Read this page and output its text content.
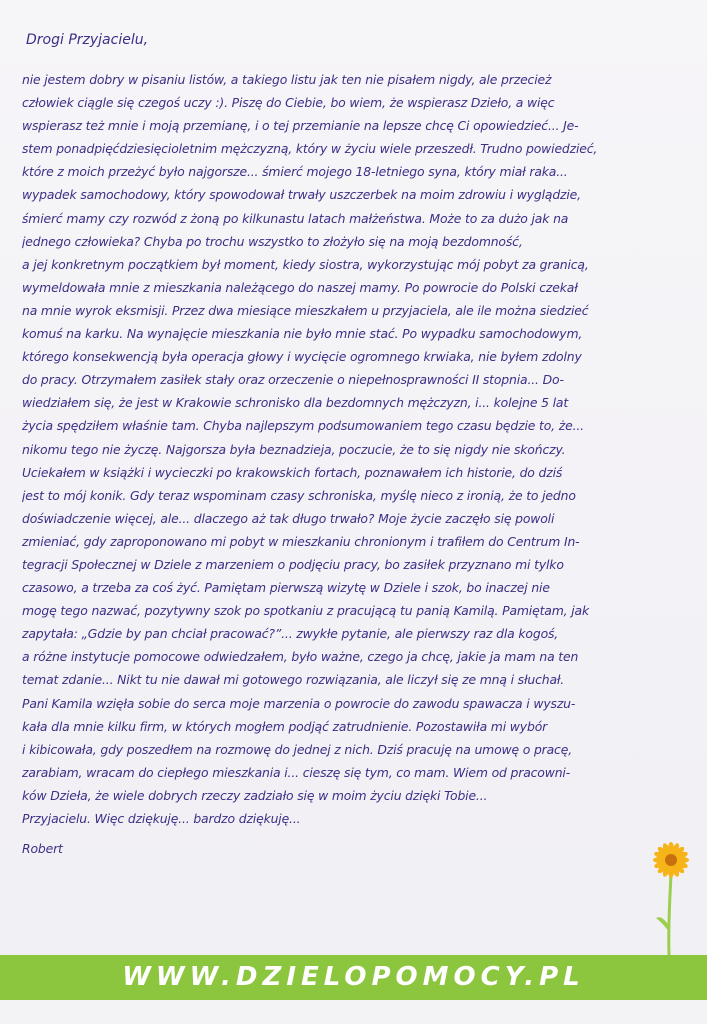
Drogi Przyjacielu,
nie jestem dobry w pisaniu listów, a takiego listu jak ten nie pisałem nigdy, ale przecież
człowiek ciągle się czegoś uczy :). Piszę do Ciebie, bo wiem, że wspierasz Dzieło, a więc
wspierasz też mnie i moją przemianę, i o tej przemianie na lepsze chcę Ci opowiedzieć... Je-
stem ponadpięćdziesięcioletnim mężczyzną, który w życiu wiele przeszedł. Trudno powiedzieć,
które z moich przeżyć było najgorsze... śmierć mojego 18-letniego syna, który miał raka...
wypadek samochodowy, który spowodował trwały uszczerbek na moim zdrowiu i wyglądzie,
śmierć mamy czy rozwód z żoną po kilkunastu latach małżeństwa. Może to za dużo jak na
jednego człowieka? Chyba po trochu wszystko to złożyło się na moją bezdomność,
a jej konkretnym początkiem był moment, kiedy siostra, wykorzystując mój pobyt za granicą,
wymeldowała mnie z mieszkania należącego do naszej mamy. Po powrocie do Polski czekał
na mnie wyrok eksmisji. Przez dwa miesiące mieszkałem u przyjaciela, ale ile można siedzieć
komuś na karku. Na wynajęcie mieszkania nie było mnie stać. Po wypadku samochodowym,
którego konsekwencją była operacja głowy i wycięcie ogromnego krwiaka, nie byłem zdolny
do pracy. Otrzymałem zasiłek stały oraz orzeczenie o niepełnosprawności II stopnia... Do-
wiedziałem się, że jest w Krakowie schronisko dla bezdomnych mężczyzn, i... kolejne 5 lat
życia spędziłem właśnie tam. Chyba najlepszym podsumowaniem tego czasu będzie to, że...
nikomu tego nie życzę. Najgorsza była beznadzieja, poczucie, że to się nigdy nie skończy.
Uciekałem w książki i wycieczki po krakowskich fortach, poznawałem ich historie, do dziś
jest to mój konik. Gdy teraz wspominam czasy schroniska, myślę nieco z ironią, że to jedno
doświadczenie więcej, ale... dlaczego aż tak długo trwało? Moje życie zaczęło się powoli
zmieniać, gdy zaproponowano mi pobyt w mieszkaniu chronionym i trafiłem do Centrum In-
tegracji Społecznej w Dziele z marzeniem o podjęciu pracy, bo zasiłek przyznano mi tylko
czasowo, a trzeba za coś żyć. Pamiętam pierwszą wizytę w Dziele i szok, bo inaczej nie
mogę tego nazwać, pozytywny szok po spotkaniu z pracującą tu panią Kamilą. Pamiętam, jak
zapytała: „Gdzie by pan chciał pracować?”... zwykłe pytanie, ale pierwszy raz dla kogoś,
a różne instytucje pomocowe odwiedzałem, było ważne, czego ja chcę, jakie ja mam na ten
temat zdanie... Nikt tu nie dawał mi gotowego rozwiązania, ale liczył się ze mną i słuchał.
Pani Kamila wzięła sobie do serca moje marzenia o powrocie do zawodu spawacza i wyszu-
kała dla mnie kilku firm, w których mogłem podjąć zatrudnienie. Pozostawiła mi wybór
i kibicowała, gdy poszedłem na rozmowę do jednej z nich. Dziś pracuję na umowę o pracę,
zarabiam, wracam do ciepłego mieszkania i... cieszę się tym, co mam. Wiem od pracowni-
ków Dzieła, że wiele dobrych rzeczy zadziało się w moim życiu dzięki Tobie...
Przyjacielu. Więc dziękuję... bardzo dziękuję...
Robert
WWW.DZIELOPOMOCY.PL
